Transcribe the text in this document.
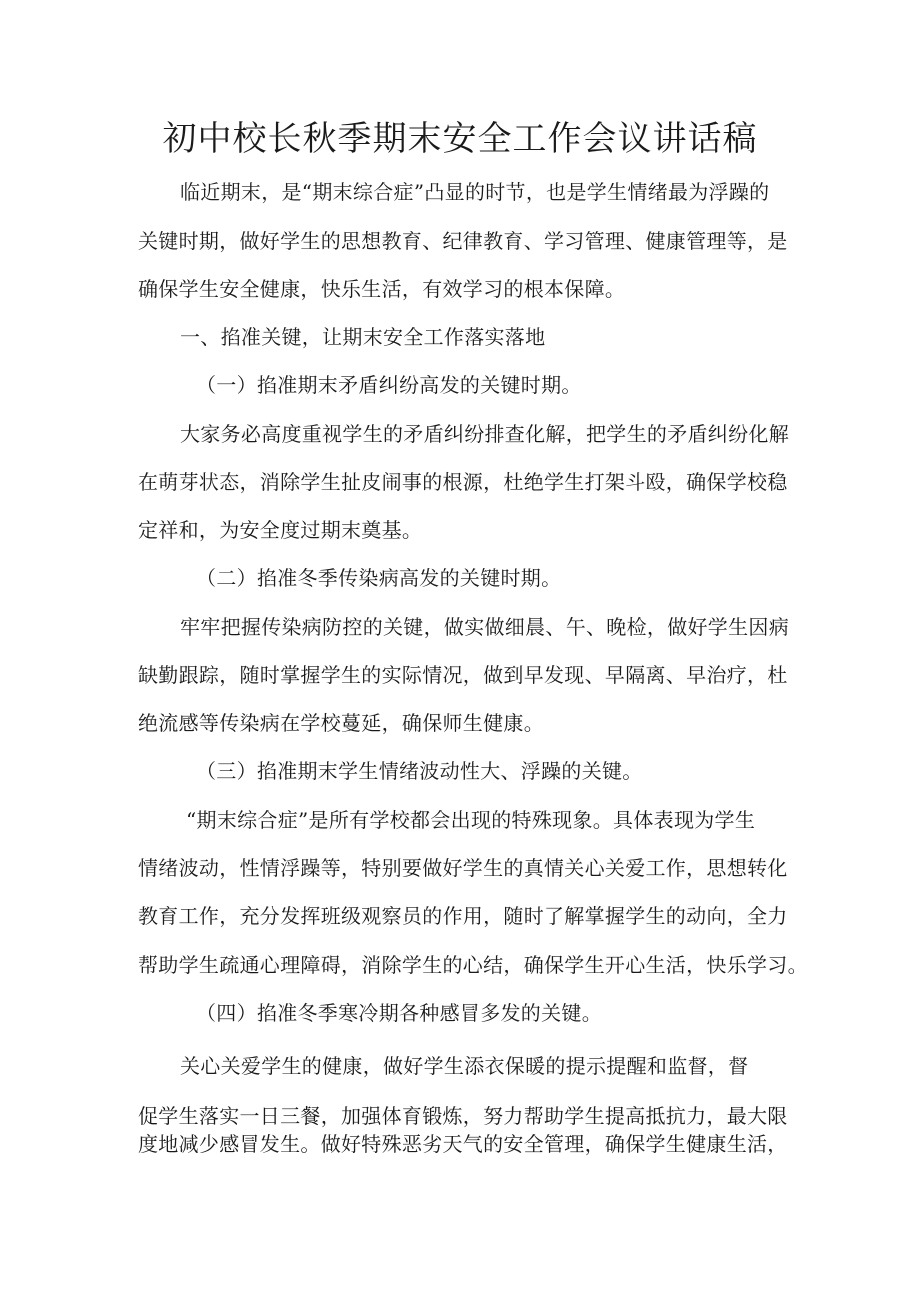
初中校长秋季期末安全工作会议讲话稿
临近期末，是“期末综合症”凸显的时节，也是学生情绪最为浮躁的
关键时期，做好学生的思想教育、纪律教育、学习管理、健康管理等，是
确保学生安全健康，快乐生活，有效学习的根本保障。
一、掐准关键，让期末安全工作落实落地
（一）掐准期末矛盾纠纷高发的关键时期。
大家务必高度重视学生的矛盾纠纷排查化解，把学生的矛盾纠纷化解
在萌芽状态，消除学生扯皮闹事的根源，杜绝学生打架斗殴，确保学校稳
定祥和，为安全度过期末奠基。
（二）掐准冬季传染病高发的关键时期。
牢牢把握传染病防控的关键，做实做细晨、午、晚检，做好学生因病
缺勤跟踪，随时掌握学生的实际情况，做到早发现、早隔离、早治疗，杜
绝流感等传染病在学校蔓延，确保师生健康。
（三）掐准期末学生情绪波动性大、浮躁的关键。
“期末综合症”是所有学校都会出现的特殊现象。具体表现为学生
情绪波动，性情浮躁等，特别要做好学生的真情关心关爱工作，思想转化
教育工作，充分发挥班级观察员的作用，随时了解掌握学生的动向，全力
帮助学生疏通心理障碍，消除学生的心结，确保学生开心生活，快乐学习。
（四）掐准冬季寒冷期各种感冒多发的关键。
关心关爱学生的健康，做好学生添衣保暖的提示提醒和监督，督
促学生落实一日三餐，加强体育锻炼，努力帮助学生提高抵抗力，最大限
度地减少感冒发生。做好特殊恶劣天气的安全管理，确保学生健康生活，
